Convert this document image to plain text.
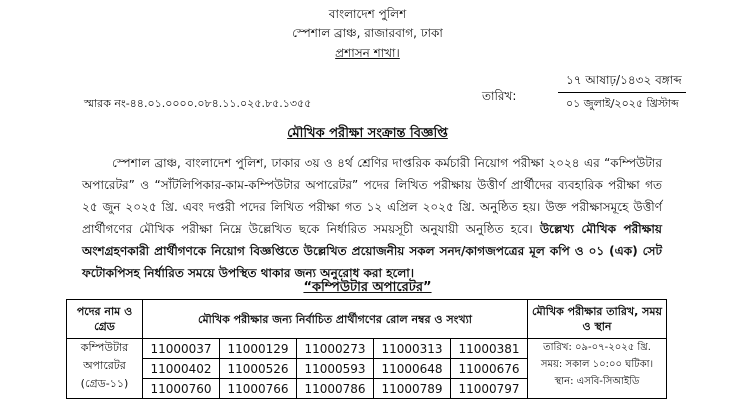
বাংলাদেশ পুলিশ
স্পেশাল ব্রাঞ্চ, রাজারবাগ, ঢাকা
প্রশাসন শাখা।
১৭ আষাঢ়/১৪৩২ বঙ্গাব্দ
তারিখ:
০১ জুলাই/২০২৫ খ্রিস্টাব্দ
স্মারক নং-৪৪.০১.০০০০.০৮৪.১১.০২৫.৮৫.১৩৫৫
মৌখিক পরীক্ষা সংক্রান্ত বিজ্ঞপ্তি
স্পেশাল ব্রাঞ্চ, বাংলাদেশ পুলিশ, ঢাকার ৩য় ও ৪র্থ শ্রেণির দাপ্তরিক কর্মচারী নিয়োগ পরীক্ষা ২০২৪ এর “কম্পিউটার অপারেটর” ও “সাঁটলিপিকার-কাম-কম্পিউটার অপারেটর” পদের লিখিত পরীক্ষায় উত্তীর্ণ প্রার্থীদের ব্যবহারিক পরীক্ষা গত ২৫ জুন ২০২৫ খ্রি. এবং দপ্তরী পদের লিখিত পরীক্ষা গত ১২ এপ্রিল ২০২৫ খ্রি. অনুষ্ঠিত হয়। উক্ত পরীক্ষাসমূহে উত্তীর্ণ প্রার্থীগণের মৌখিক পরীক্ষা নিম্নে উল্লেখিত ছকে নির্ধারিত সময়সূচী অনুযায়ী অনুষ্ঠিত হবে। উল্লেখ্য মৌখিক পরীক্ষায় অংশগ্রহণকারী প্রার্থীগণকে নিয়োগ বিজ্ঞপ্তিতে উল্লেখিত প্রয়োজনীয় সকল সনদ/কাগজপত্রের মূল কপি ও ০১ (এক) সেট ফটোকপিসহ নির্ধারিত সময়ে উপস্থিত থাকার জন্য অনুরোধ করা হলো।
“কম্পিউটার অপারেটর”
পদের নাম ও গ্রেড	মৌখিক পরীক্ষার জন্য নির্বাচিত প্রার্থীগণের রোল নম্বর ও সংখ্যা					মৌখিক পরীক্ষার তারিখ, সময় ও স্থান
কম্পিউটার অপারেটর (গ্রেড-১১)	11000037	11000129	11000273	11000313	11000381	তারিখ: ০৯-০৭-২০২৫ খ্রি.
সময়: সকাল ১০:০০ ঘটিকা।
স্থান: এসবি-সিআইডি

	11000402	11000526	11000593	11000648	11000676	
	11000760	11000766	11000786	11000789	11000797	
